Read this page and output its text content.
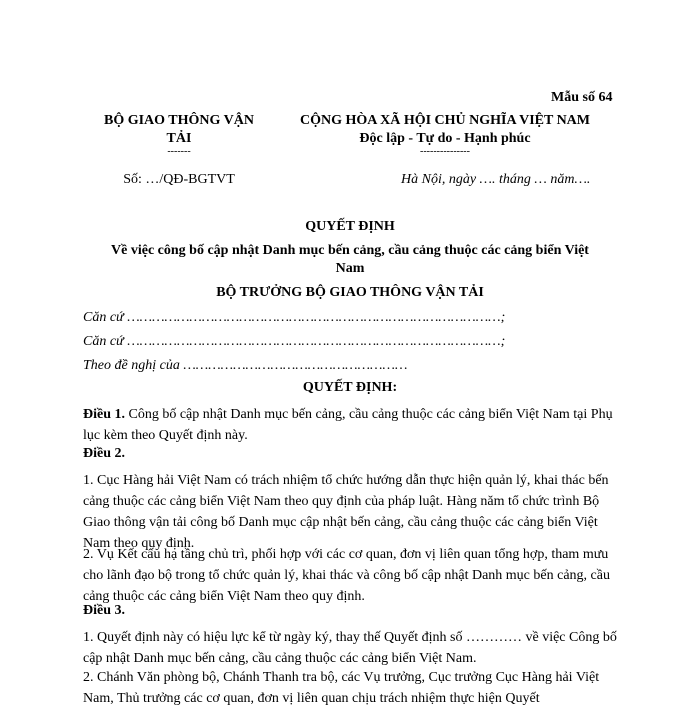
Mẫu số 64
BỘ GIAO THÔNG VẬN
TẢI
-------
CỘNG HÒA XÃ HỘI CHỦ NGHĨA VIỆT NAM
Độc lập - Tự do - Hạnh phúc
---------------
Số: …/QĐ-BGTVT	Hà Nội, ngày …. tháng … năm….
QUYẾT ĐỊNH
Về việc công bố cập nhật Danh mục bến cảng, cầu cảng thuộc các cảng biển Việt
Nam
BỘ TRƯỞNG BỘ GIAO THÔNG VẬN TẢI
Căn cứ ………………………………………………………………………………;
Căn cứ ………………………………………………………………………………;
Theo đề nghị của ………………………………………………
QUYẾT ĐỊNH:
Điều 1. Công bố cập nhật Danh mục bến cảng, cầu cảng thuộc các cảng biển Việt Nam tại Phụ lục kèm theo Quyết định này.
Điều 2.
1. Cục Hàng hải Việt Nam có trách nhiệm tổ chức hướng dẫn thực hiện quản lý, khai thác bến cảng thuộc các cảng biển Việt Nam theo quy định của pháp luật. Hàng năm tổ chức trình Bộ Giao thông vận tải công bố Danh mục cập nhật bến cảng, cầu cảng thuộc các cảng biển Việt Nam theo quy định.
2. Vụ Kết cấu hạ tầng chủ trì, phối hợp với các cơ quan, đơn vị liên quan tổng hợp, tham mưu cho lãnh đạo bộ trong tổ chức quản lý, khai thác và công bố cập nhật Danh mục bến cảng, cầu cảng thuộc các cảng biển Việt Nam theo quy định.
Điều 3.
1. Quyết định này có hiệu lực kể từ ngày ký, thay thế Quyết định số ………… về việc Công bố cập nhật Danh mục bến cảng, cầu cảng thuộc các cảng biển Việt Nam.
2. Chánh Văn phòng bộ, Chánh Thanh tra bộ, các Vụ trưởng, Cục trưởng Cục Hàng hải Việt Nam, Thủ trưởng các cơ quan, đơn vị liên quan chịu trách nhiệm thực hiện Quyết
